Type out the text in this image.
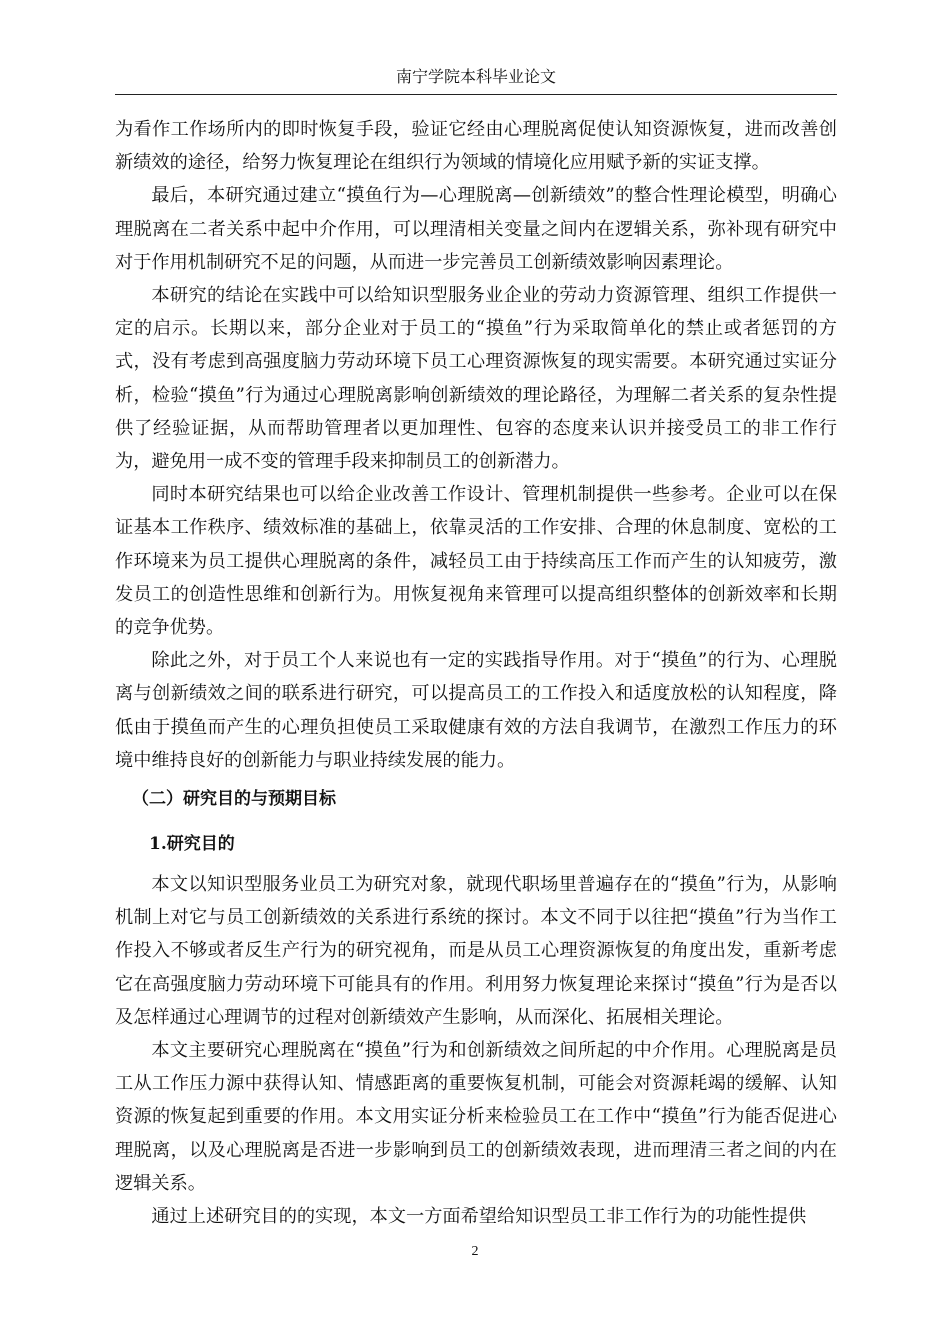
南宁学院本科毕业论文

为看作工作场所内的即时恢复手段，验证它经由心理脱离促使认知资源恢复，进而改善创新绩效的途径，给努力恢复理论在组织行为领域的情境化应用赋予新的实证支撑。

最后，本研究通过建立“摸鱼行为—心理脱离—创新绩效”的整合性理论模型，明确心理脱离在二者关系中起中介作用，可以理清相关变量之间内在逻辑关系，弥补现有研究中对于作用机制研究不足的问题，从而进一步完善员工创新绩效影响因素理论。

本研究的结论在实践中可以给知识型服务业企业的劳动力资源管理、组织工作提供一定的启示。长期以来，部分企业对于员工的“摸鱼”行为采取简单化的禁止或者惩罚的方式，没有考虑到高强度脑力劳动环境下员工心理资源恢复的现实需要。本研究通过实证分析，检验“摸鱼”行为通过心理脱离影响创新绩效的理论路径，为理解二者关系的复杂性提供了经验证据，从而帮助管理者以更加理性、包容的态度来认识并接受员工的非工作行为，避免用一成不变的管理手段来抑制员工的创新潜力。

同时本研究结果也可以给企业改善工作设计、管理机制提供一些参考。企业可以在保证基本工作秩序、绩效标准的基础上，依靠灵活的工作安排、合理的休息制度、宽松的工作环境来为员工提供心理脱离的条件，减轻员工由于持续高压工作而产生的认知疲劳，激发员工的创造性思维和创新行为。用恢复视角来管理可以提高组织整体的创新效率和长期的竞争优势。

除此之外，对于员工个人来说也有一定的实践指导作用。对于“摸鱼”的行为、心理脱离与创新绩效之间的联系进行研究，可以提高员工的工作投入和适度放松的认知程度，降低由于摸鱼而产生的心理负担使员工采取健康有效的方法自我调节，在激烈工作压力的环境中维持良好的创新能力与职业持续发展的能力。

（二）研究目的与预期目标
1.研究目的

本文以知识型服务业员工为研究对象，就现代职场里普遍存在的“摸鱼”行为，从影响机制上对它与员工创新绩效的关系进行系统的探讨。本文不同于以往把“摸鱼”行为当作工作投入不够或者反生产行为的研究视角，而是从员工心理资源恢复的角度出发，重新考虑它在高强度脑力劳动环境下可能具有的作用。利用努力恢复理论来探讨“摸鱼”行为是否以及怎样通过心理调节的过程对创新绩效产生影响，从而深化、拓展相关理论。

本文主要研究心理脱离在“摸鱼”行为和创新绩效之间所起的中介作用。心理脱离是员工从工作压力源中获得认知、情感距离的重要恢复机制，可能会对资源耗竭的缓解、认知资源的恢复起到重要的作用。本文用实证分析来检验员工在工作中“摸鱼”行为能否促进心理脱离，以及心理脱离是否进一步影响到员工的创新绩效表现，进而理清三者之间的内在逻辑关系。

通过上述研究目的的实现，本文一方面希望给知识型员工非工作行为的功能性提供

2
